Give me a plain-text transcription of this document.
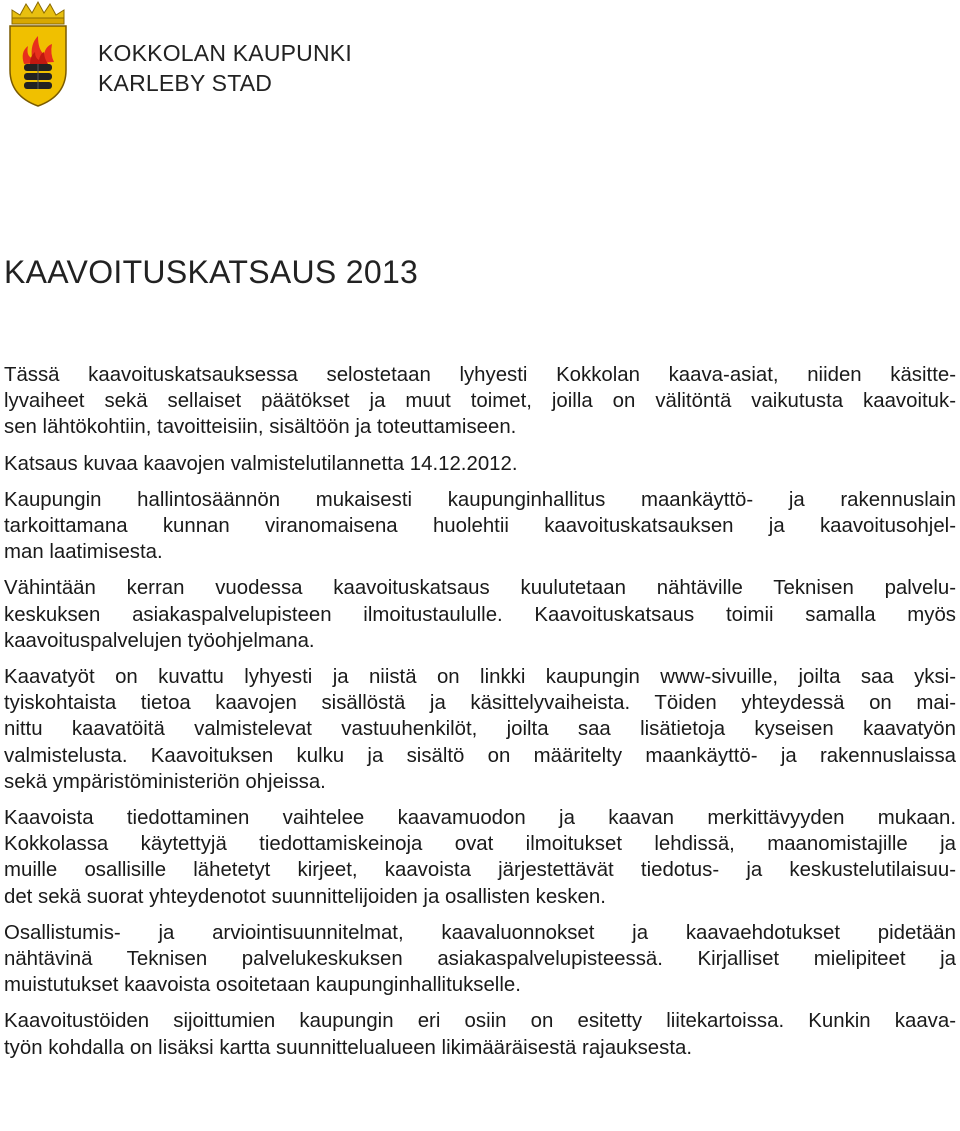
KOKKOLAN KAUPUNKI
KARLEBY STAD
KAAVOITUSKATSAUS 2013

Tässä kaavoituskatsauksessa selostetaan lyhyesti Kokkolan kaava-asiat, niiden käsitte-
lyvaiheet sekä sellaiset päätökset ja muut toimet, joilla on välitöntä vaikutusta kaavoituk-
sen lähtökohtiin, tavoitteisiin, sisältöön ja toteuttamiseen.

Katsaus kuvaa kaavojen valmistelutilannetta 14.12.2012.

Kaupungin hallintosäännön mukaisesti kaupunginhallitus maankäyttö- ja rakennuslain
tarkoittamana kunnan viranomaisena huolehtii kaavoituskatsauksen ja kaavoitusohjel-
man laatimisesta.

Vähintään kerran vuodessa kaavoituskatsaus kuulutetaan nähtäville Teknisen palvelu-
keskuksen asiakaspalvelupisteen ilmoitustaululle. Kaavoituskatsaus toimii samalla myös
kaavoituspalvelujen työohjelmana.

Kaavatyöt on kuvattu lyhyesti ja niistä on linkki kaupungin www-sivuille, joilta saa yksi-
tyiskohtaista tietoa kaavojen sisällöstä ja käsittelyvaiheista. Töiden yhteydessä on mai-
nittu kaavatöitä valmistelevat vastuuhenkilöt, joilta saa lisätietoja kyseisen kaavatyön
valmistelusta. Kaavoituksen kulku ja sisältö on määritelty maankäyttö- ja rakennuslaissa
sekä ympäristöministeriön ohjeissa.

Kaavoista tiedottaminen vaihtelee kaavamuodon ja kaavan merkittävyyden mukaan.
Kokkolassa käytettyjä tiedottamiskeinoja ovat ilmoitukset lehdissä, maanomistajille ja
muille osallisille lähetetyt kirjeet, kaavoista järjestettävät tiedotus- ja keskustelutilaisuu-
det sekä suorat yhteydenotot suunnittelijoiden ja osallisten kesken.

Osallistumis- ja arviointisuunnitelmat, kaavaluonnokset ja kaavaehdotukset pidetään
nähtävinä Teknisen palvelukeskuksen asiakaspalvelupisteessä. Kirjalliset mielipiteet ja
muistutukset kaavoista osoitetaan kaupunginhallitukselle.

Kaavoitustöiden sijoittumien kaupungin eri osiin on esitetty liitekartoissa. Kunkin kaava-
työn kohdalla on lisäksi kartta suunnittelualueen likimääräisestä rajauksesta.
